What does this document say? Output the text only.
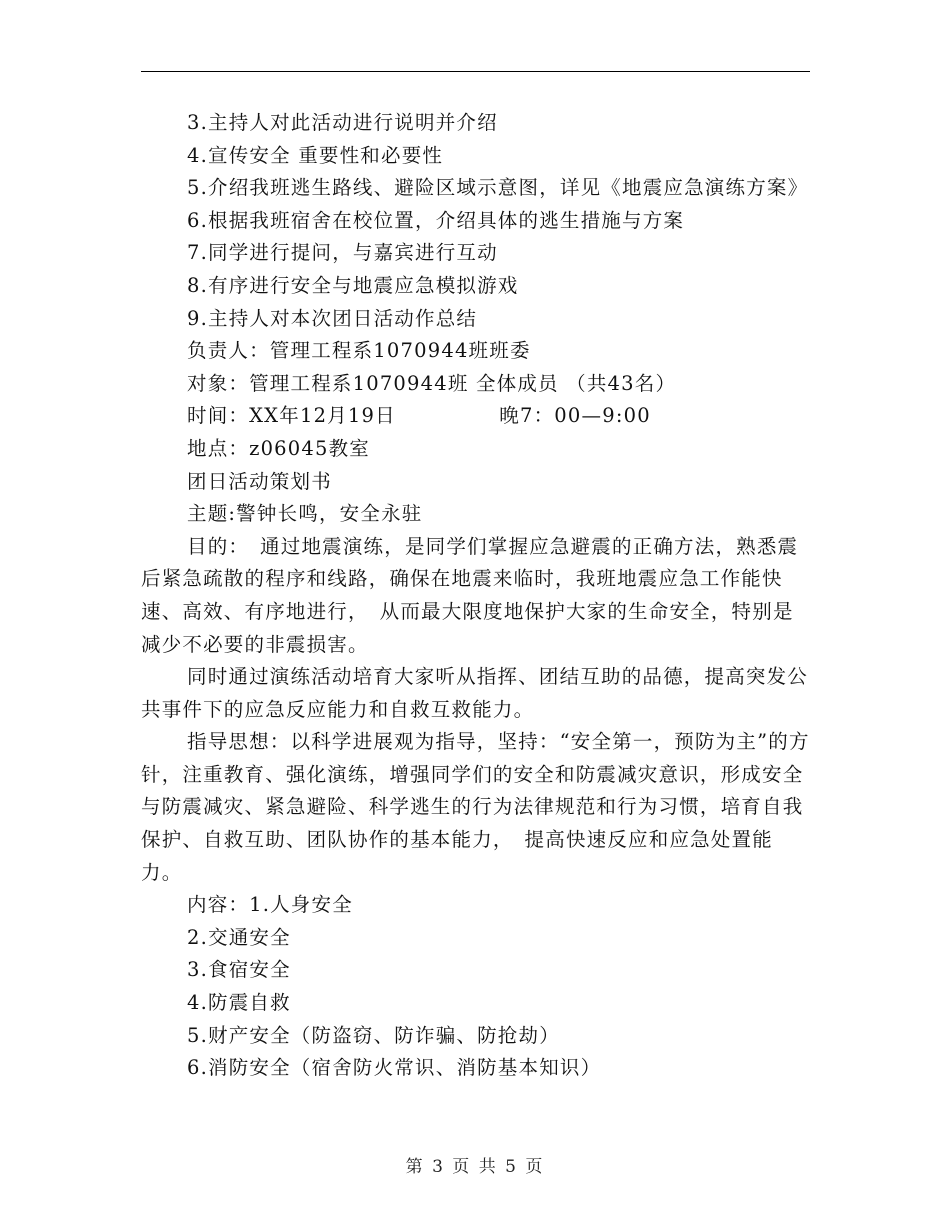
3.主持人对此活动进行说明并介绍

4.宣传安全 重要性和必要性

5.介绍我班逃生路线、避险区域示意图，详见《地震应急演练方案》

6.根据我班宿舍在校位置，介绍具体的逃生措施与方案

7.同学进行提问，与嘉宾进行互动

8.有序进行安全与地震应急模拟游戏

9.主持人对本次团日活动作总结

负责人：管理工程系1070944班班委

对象：管理工程系1070944班 全体成员 （共43名）

时间：XX年12月19日　　　　　晚7：00—9:00

地点：z06045教室

团日活动策划书

主题:警钟长鸣，安全永驻

目的：　通过地震演练，是同学们掌握应急避震的正确方法，熟悉震后紧急疏散的程序和线路，确保在地震来临时，我班地震应急工作能快速、高效、有序地进行，　从而最大限度地保护大家的生命安全，特别是减少不必要的非震损害。

同时通过演练活动培育大家听从指挥、团结互助的品德，提高突发公共事件下的应急反应能力和自救互救能力。

指导思想：以科学进展观为指导，坚持：“安全第一，预防为主”的方针，注重教育、强化演练，增强同学们的安全和防震减灾意识，形成安全与防震减灾、紧急避险、科学逃生的行为法律规范和行为习惯，培育自我保护、自救互助、团队协作的基本能力，　提高快速反应和应急处置能力。

内容：1.人身安全

2.交通安全

3.食宿安全

4.防震自救

5.财产安全（防盗窃、防诈骗、防抢劫）

6.消防安全（宿舍防火常识、消防基本知识）

第 3 页 共 5 页
